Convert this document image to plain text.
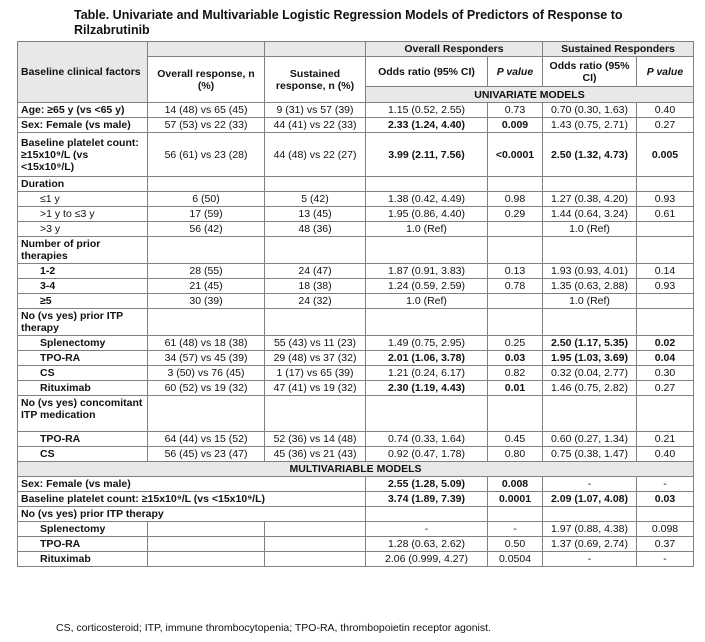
Table. Univariate and Multivariable Logistic Regression Models of Predictors of Response to Rilzabrutinib
Baseline clinical factors			Overall Responders		Sustained Responders	
	Overall response, n (%)	Sustained response, n (%)	Odds ratio (95% CI)	P value	Odds ratio (95% CI)	P value
			UNIVARIATE MODELS			
Age: ≥65 y (vs <65 y)	14 (48) vs 65 (45)	9 (31) vs 57 (39)	1.15 (0.52, 2.55)	0.73	0.70 (0.30, 1.63)	0.40
Sex: Female (vs male)	57 (53) vs 22 (33)	44 (41) vs 22 (33)	2.33 (1.24, 4.40)	0.009	1.43 (0.75, 2.71)	0.27
Baseline platelet count: ≥15x10⁹/L (vs <15x10⁹/L)	56 (61) vs 23 (28)	44 (48) vs 22 (27)	3.99 (2.11, 7.56)	<0.0001	2.50 (1.32, 4.73)	0.005
Duration						
≤1 y	6 (50)	5 (42)	1.38 (0.42, 4.49)	0.98	1.27 (0.38, 4.20)	0.93
>1 y to ≤3 y	17 (59)	13 (45)	1.95 (0.86, 4.40)	0.29	1.44 (0.64, 3.24)	0.61
>3 y	56 (42)	48 (36)	1.0 (Ref)		1.0 (Ref)	
Number of prior therapies						
1-2	28 (55)	24 (47)	1.87 (0.91, 3.83)	0.13	1.93 (0.93, 4.01)	0.14
3-4	21 (45)	18 (38)	1.24 (0.59, 2.59)	0.78	1.35 (0.63, 2.88)	0.93
≥5	30 (39)	24 (32)	1.0 (Ref)		1.0 (Ref)	
No (vs yes) prior ITP therapy						
Splenectomy	61 (48) vs 18 (38)	55 (43) vs 11 (23)	1.49 (0.75, 2.95)	0.25	2.50 (1.17, 5.35)	0.02
TPO-RA	34 (57) vs 45 (39)	29 (48) vs 37 (32)	2.01 (1.06, 3.78)	0.03	1.95 (1.03, 3.69)	0.04
CS	3 (50) vs 76 (45)	1 (17) vs 65 (39)	1.21 (0.24, 6.17)	0.82	0.32 (0.04, 2.77)	0.30
Rituximab	60 (52) vs 19 (32)	47 (41) vs 19 (32)	2.30 (1.19, 4.43)	0.01	1.46 (0.75, 2.82)	0.27
No (vs yes) concomitant ITP medication						
TPO-RA	64 (44) vs 15 (52)	52 (36) vs 14 (48)	0.74 (0.33, 1.64)	0.45	0.60 (0.27, 1.34)	0.21
CS	56 (45) vs 23 (47)	45 (36) vs 21 (43)	0.92 (0.47, 1.78)	0.80	0.75 (0.38, 1.47)	0.40
MULTIVARIABLE MODELS						
Sex: Female (vs male)			2.55 (1.28, 5.09)	0.008	-	-
Baseline platelet count: ≥15x10⁹/L (vs <15x10⁹/L)			3.74 (1.89, 7.39)	0.0001	2.09 (1.07, 4.08)	0.03
No (vs yes) prior ITP therapy						
Splenectomy			-	-	1.97 (0.88, 4.38)	0.098
TPO-RA			1.28 (0.63, 2.62)	0.50	1.37 (0.69, 2.74)	0.37
Rituximab			2.06 (0.999, 4.27)	0.0504	-	-
CS, corticosteroid; ITP, immune thrombocytopenia; TPO-RA, thrombopoietin receptor agonist.
